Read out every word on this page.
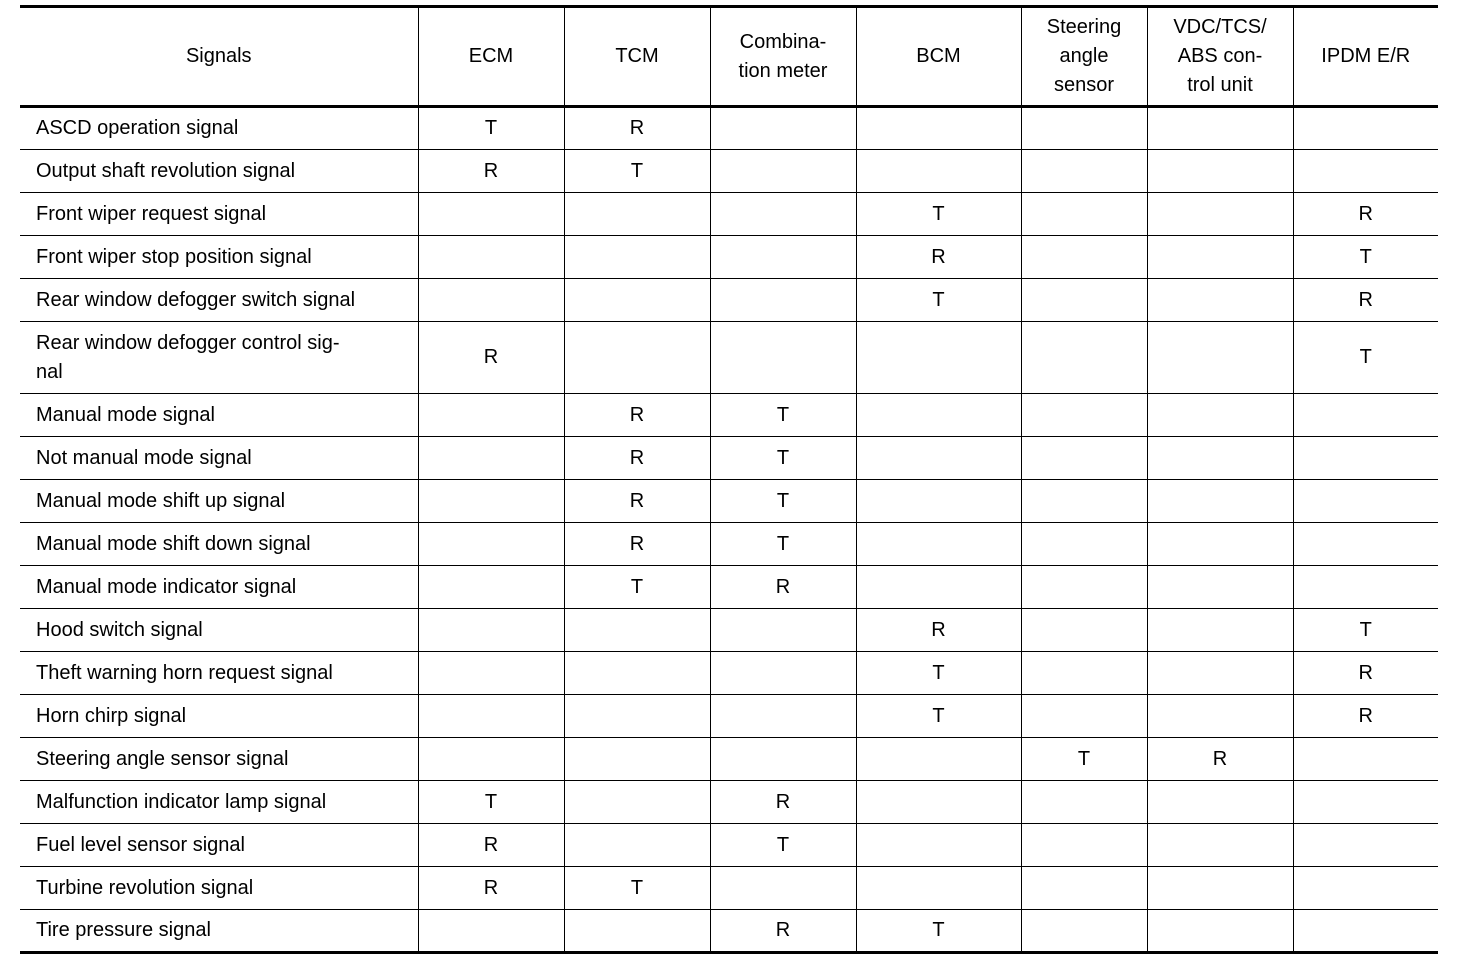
Signals	ECM	TCM	Combina-
tion meter	BCM	Steering
angle
sensor	VDC/TCS/
ABS con-
trol unit	IPDM E/R
ASCD operation signal	T	R					
Output shaft revolution signal	R	T					
Front wiper request signal				T			R
Front wiper stop position signal				R			T
Rear window defogger switch signal				T			R
Rear window defogger control sig-
nal	R						T
Manual mode signal		R	T				
Not manual mode signal		R	T				
Manual mode shift up signal		R	T				
Manual mode shift down signal		R	T				
Manual mode indicator signal		T	R				
Hood switch signal				R			T
Theft warning horn request signal				T			R
Horn chirp signal				T			R
Steering angle sensor signal					T	R	
Malfunction indicator lamp signal	T		R				
Fuel level sensor signal	R		T				
Turbine revolution signal	R	T					
Tire pressure signal			R	T			
